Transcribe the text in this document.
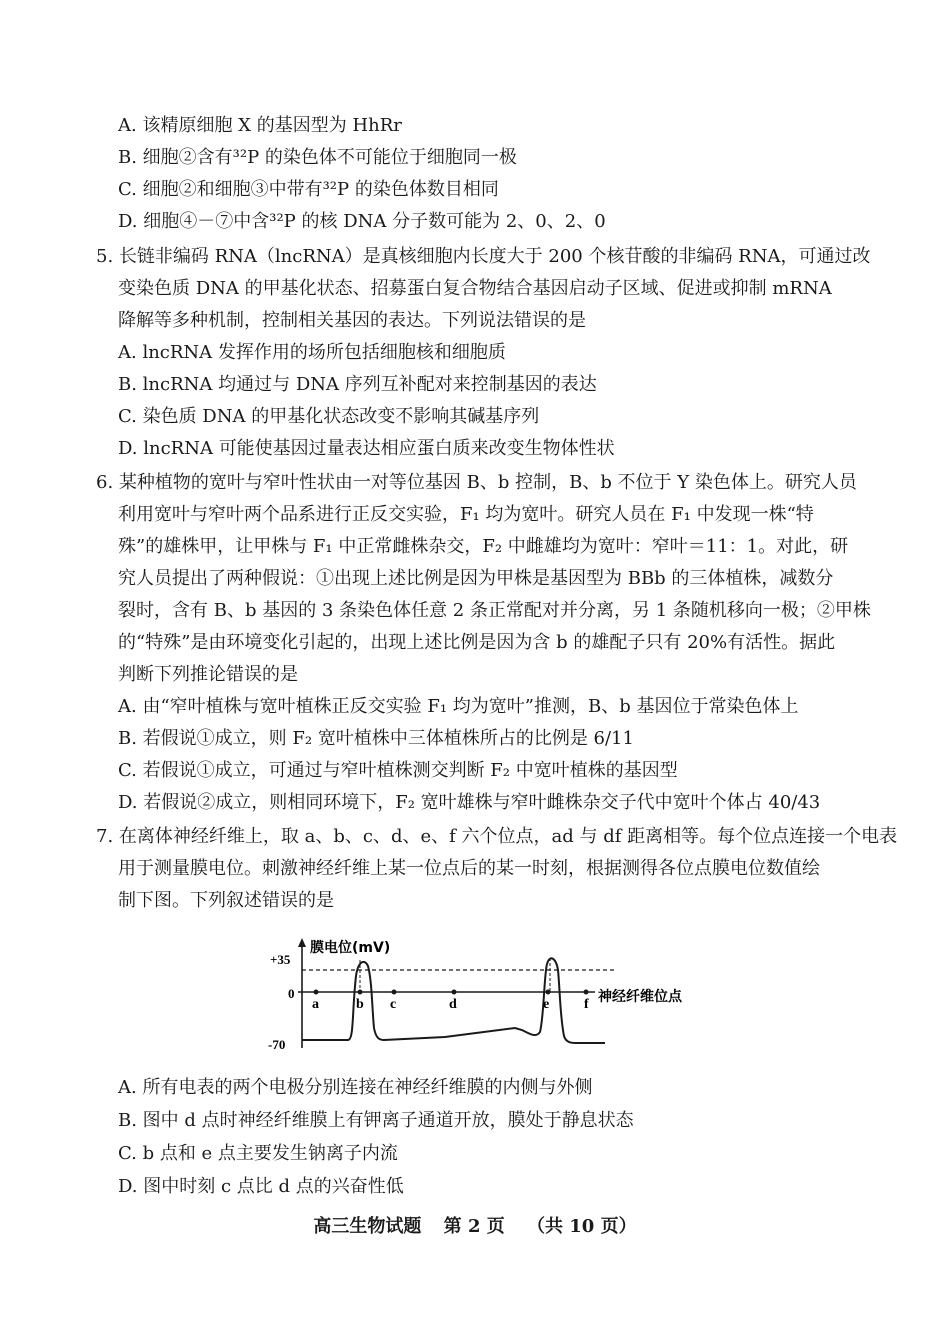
A. 该精原细胞 X 的基因型为 HhRr
B. 细胞②含有³²P 的染色体不可能位于细胞同一极
C. 细胞②和细胞③中带有³²P 的染色体数目相同
D. 细胞④－⑦中含³²P 的核 DNA 分子数可能为 2、0、2、0
5. 长链非编码 RNA（lncRNA）是真核细胞内长度大于 200 个核苷酸的非编码 RNA，可通过改
变染色质 DNA 的甲基化状态、招募蛋白复合物结合基因启动子区域、促进或抑制 mRNA
降解等多种机制，控制相关基因的表达。下列说法错误的是
A. lncRNA 发挥作用的场所包括细胞核和细胞质
B. lncRNA 均通过与 DNA 序列互补配对来控制基因的表达
C. 染色质 DNA 的甲基化状态改变不影响其碱基序列
D. lncRNA 可能使基因过量表达相应蛋白质来改变生物体性状
6. 某种植物的宽叶与窄叶性状由一对等位基因 B、b 控制，B、b 不位于 Y 染色体上。研究人员
利用宽叶与窄叶两个品系进行正反交实验，F₁ 均为宽叶。研究人员在 F₁ 中发现一株“特
殊”的雄株甲，让甲株与 F₁ 中正常雌株杂交，F₂ 中雌雄均为宽叶：窄叶＝11：1。对此，研
究人员提出了两种假说：①出现上述比例是因为甲株是基因型为 BBb 的三体植株，减数分
裂时，含有 B、b 基因的 3 条染色体任意 2 条正常配对并分离，另 1 条随机移向一极；②甲株
的“特殊”是由环境变化引起的，出现上述比例是因为含 b 的雄配子只有 20%有活性。据此
判断下列推论错误的是
A. 由“窄叶植株与宽叶植株正反交实验 F₁ 均为宽叶”推测，B、b 基因位于常染色体上
B. 若假说①成立，则 F₂ 宽叶植株中三体植株所占的比例是 6/11
C. 若假说①成立，可通过与窄叶植株测交判断 F₂ 中宽叶植株的基因型
D. 若假说②成立，则相同环境下，F₂ 宽叶雄株与窄叶雌株杂交子代中宽叶个体占 40/43
7. 在离体神经纤维上，取 a、b、c、d、e、f 六个位点，ad 与 df 距离相等。每个位点连接一个电表
用于测量膜电位。刺激神经纤维上某一位点后的某一时刻，根据测得各位点膜电位数值绘
制下图。下列叙述错误的是
+35
0
-70
膜电位(mV)
神经纤维位点
a	b c	d	e f
A. 所有电表的两个电极分别连接在神经纤维膜的内侧与外侧
B. 图中 d 点时神经纤维膜上有钾离子通道开放，膜处于静息状态
C. b 点和 e 点主要发生钠离子内流
D. 图中时刻 c 点比 d 点的兴奋性低
高三生物试题 第 2 页 （共 10 页）
